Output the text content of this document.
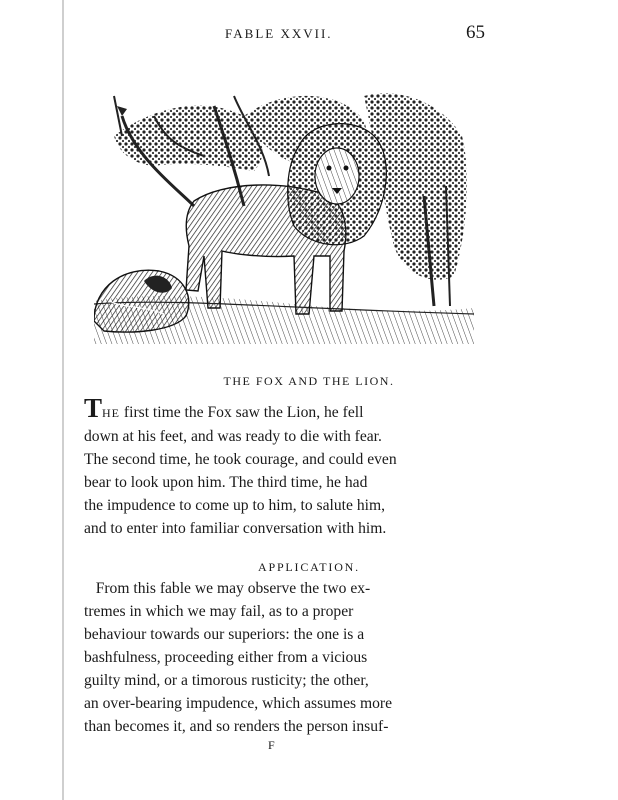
FABLE XXVII.	65
THE FOX AND THE LION.
THE first time the Fox saw the Lion, he fell
down at his feet, and was ready to die with fear.
The second time, he took courage, and could even
bear to look upon him. The third time, he had
the impudence to come up to him, to salute him,
and to enter into familiar conversation with him.
APPLICATION.
From this fable we may observe the two ex-
tremes in which we may fail, as to a proper
behaviour towards our superiors: the one is a
bashfulness, proceeding either from a vicious
guilty mind, or a timorous rusticity; the other,
an over-bearing impudence, which assumes more
than becomes it, and so renders the person insuf-
F
